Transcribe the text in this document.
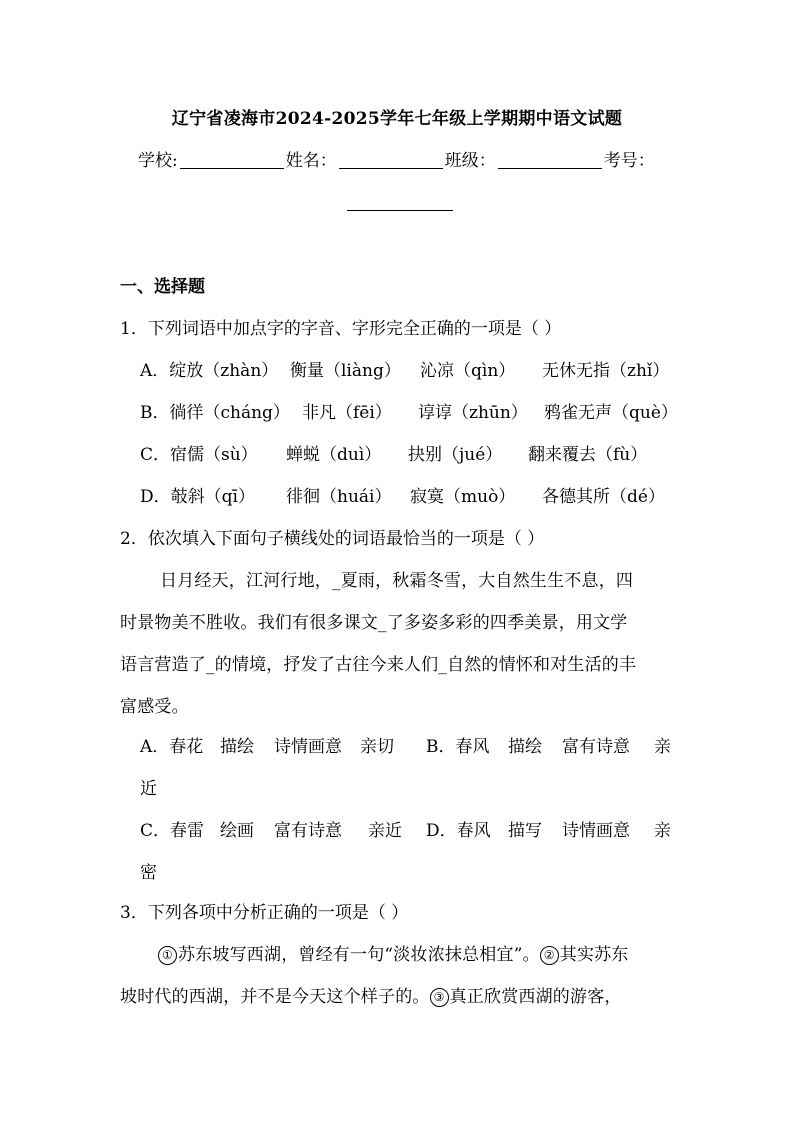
辽宁省凌海市2024-2025学年七年级上学期期中语文试题
学校:	姓名：	班级：	考号：
一、选择题
1．下列词语中加点字的字音、字形完全正确的一项是（ ）
A．绽放（zhàn） 衡量（liàng） 沁凉（qìn） 无休无指（zhǐ）
B．徜徉（cháng） 非凡（fēi） 谆谆（zhūn） 鸦雀无声（què）
C．宿儒（sù） 蝉蜕（duì） 抉别（jué） 翻来覆去（fù）
D．攲斜（qī） 徘徊（huái） 寂寞（muò） 各德其所（dé）
2．依次填入下面句子横线处的词语最恰当的一项是（ ）
日月经天，江河行地，_夏雨，秋霜冬雪，大自然生生不息，四
时景物美不胜收。我们有很多课文_了多姿多彩的四季美景，用文学
语言营造了_的情境，抒发了古往今来人们_自然的情怀和对生活的丰
富感受。
A．春花 描绘 诗情画意 亲切 B．春风 描绘 富有诗意 亲
近
C．春雷 绘画 富有诗意 亲近 D．春风 描写 诗情画意 亲
密
3．下列各项中分析正确的一项是（ ）
① 苏东坡写西湖，曾经有一句“淡妆浓抹总相宜”。 ② 其实苏东
坡时代的西湖，并不是今天这个样子的。 ③ 真正欣赏西湖的游客，
